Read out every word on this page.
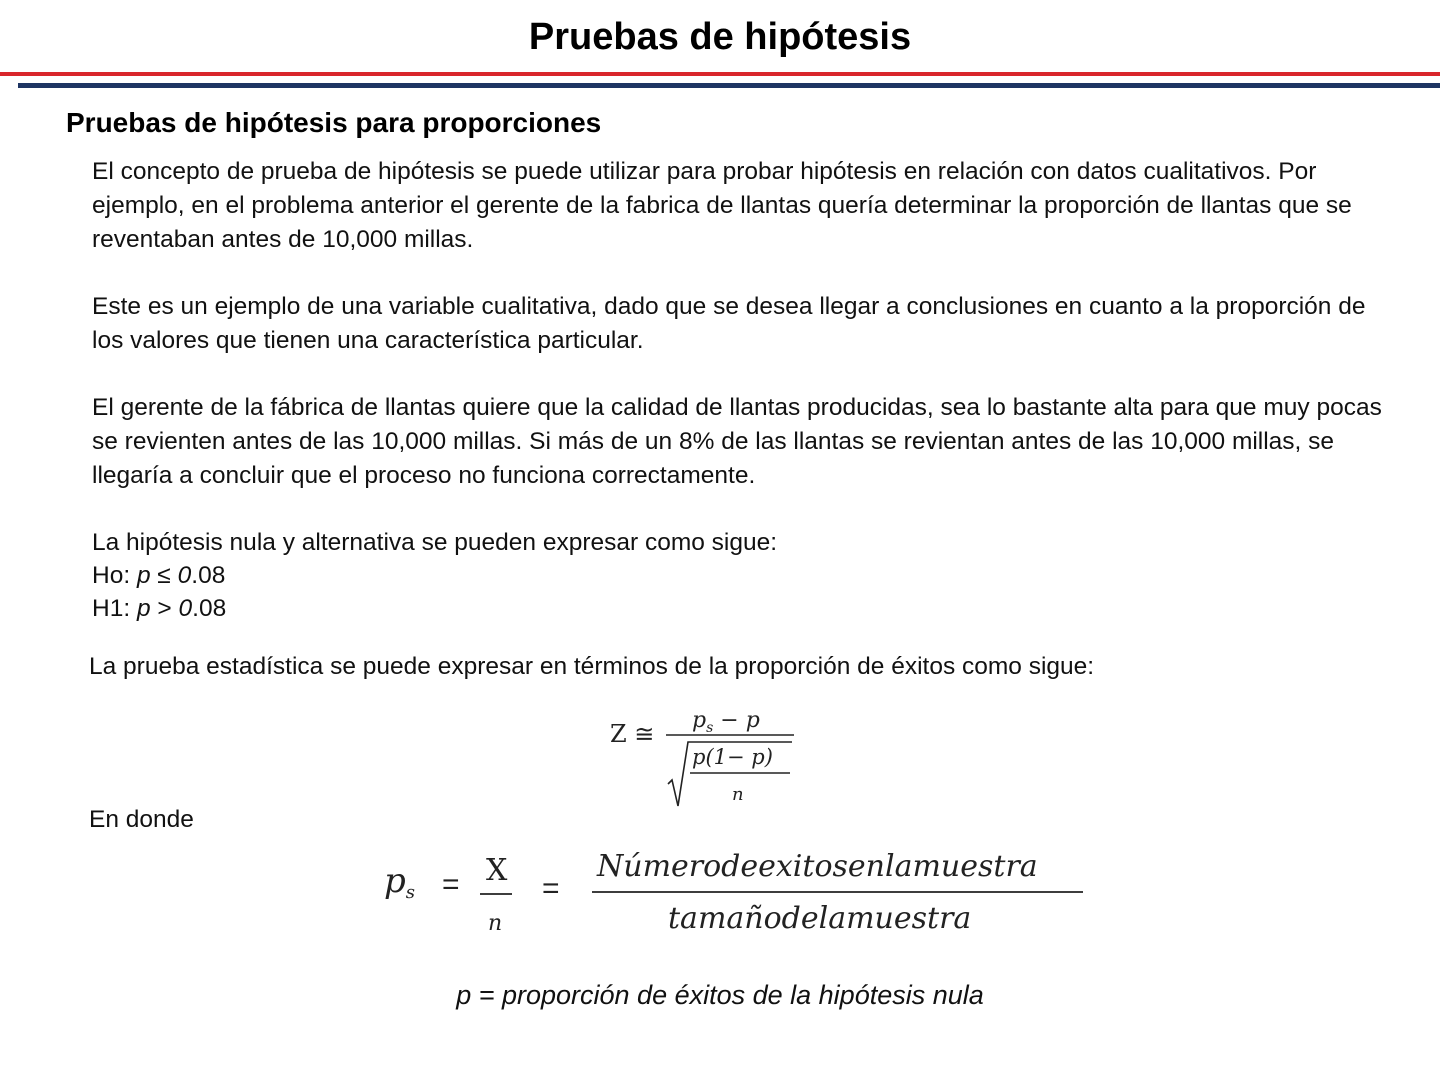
Pruebas de hipótesis
Pruebas de hipótesis para proporciones

El concepto de prueba de hipótesis se puede utilizar para probar hipótesis en relación con datos cualitativos. Por ejemplo, en el problema anterior el gerente de la fabrica de llantas quería determinar la proporción de llantas que se reventaban antes de 10,000 millas.

Este es un ejemplo de una variable cualitativa, dado que se desea llegar a conclusiones en cuanto a la proporción de los valores que tienen una característica particular.

El gerente de la fábrica de llantas quiere que la calidad de llantas producidas, sea lo bastante alta para que muy pocas se revienten antes de las 10,000 millas. Si más de un 8% de las llantas se revientan antes de las 10,000 millas, se llegaría a concluir que el proceso no funciona correctamente.

La hipótesis nula y alternativa se pueden expresar como sigue:

Ho: p ≤ 0.08
H1: p > 0.08

La prueba estadística se puede expresar en términos de la proporción de éxitos como sigue:

Z ≅ $p_s - p$
p(1− p)
n
En donde
ps = X
n
=
Númerodeexitosenlamuestra
tamañodelamuestra
p = proporción de éxitos de la hipótesis nula
